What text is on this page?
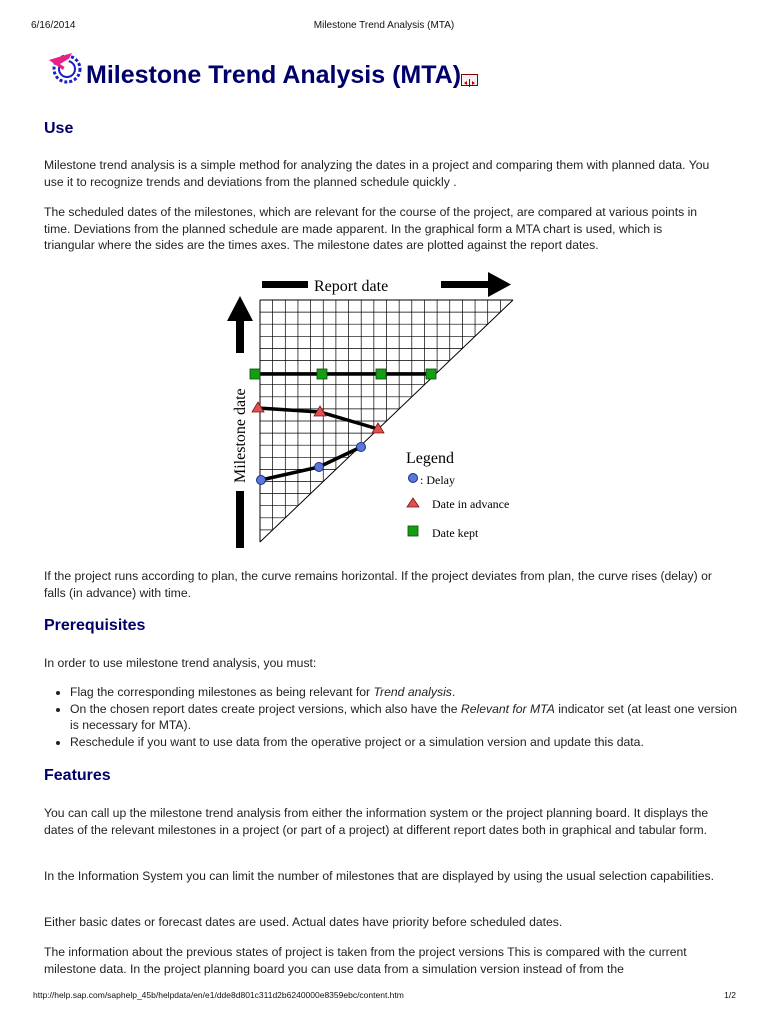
6/16/2014	Milestone Trend Analysis (MTA)
Milestone Trend Analysis (MTA)
Use

Milestone trend analysis is a simple method for analyzing the dates in a project and comparing them with planned data. You use it to recognize trends and deviations from the planned schedule quickly .

The scheduled dates of the milestones, which are relevant for the course of the project, are compared at various points in time. Deviations from the planned schedule are made apparent. In the graphical form a MTA chart is used, which is triangular where the sides are the times axes. The milestone dates are plotted against the report dates.

Report date
Milestone date	Legend
: Delay
Date in advance
Date kept

If the project runs according to plan, the curve remains horizontal. If the project deviates from plan, the curve rises (delay) or falls (in advance) with time.

Prerequisites

In order to use milestone trend analysis, you must:

• Flag the corresponding milestones as being relevant for Trend analysis.
• On the chosen report dates create project versions, which also have the Relevant for MTA indicator set (at least one version is necessary for MTA).
• Reschedule if you want to use data from the operative project or a simulation version and update this data.
Features

You can call up the milestone trend analysis from either the information system or the project planning board. It displays the dates of the relevant milestones in a project (or part of a project) at different report dates both in graphical and tabular form.

In the Information System you can limit the number of milestones that are displayed by using the usual selection capabilities.

Either basic dates or forecast dates are used. Actual dates have priority before scheduled dates.

The information about the previous states of project is taken from the project versions This is compared with the current milestone data. In the project planning board you can use data from a simulation version instead of from the

http://help.sap.com/saphelp_45b/helpdata/en/e1/dde8d801c311d2b6240000e8359ebc/content.htm	1/2
